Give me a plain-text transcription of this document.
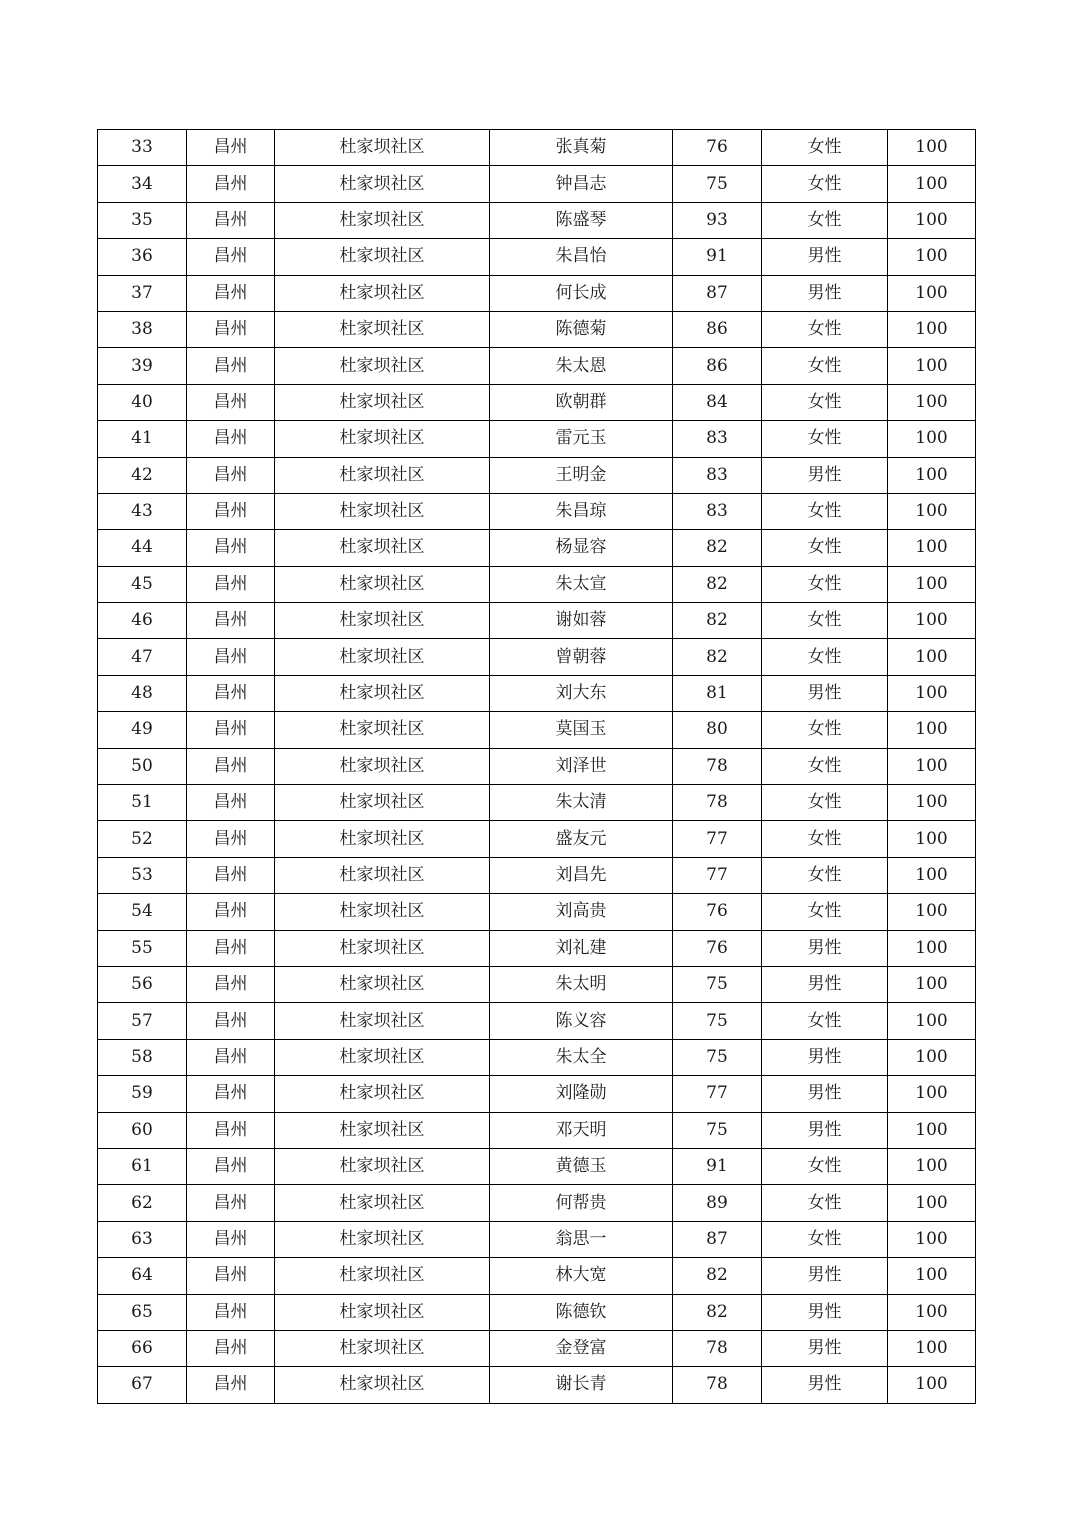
33	昌州	杜家坝社区	张真菊	76	女性	100
34	昌州	杜家坝社区	钟昌志	75	女性	100
35	昌州	杜家坝社区	陈盛琴	93	女性	100
36	昌州	杜家坝社区	朱昌怡	91	男性	100
37	昌州	杜家坝社区	何长成	87	男性	100
38	昌州	杜家坝社区	陈德菊	86	女性	100
39	昌州	杜家坝社区	朱太恩	86	女性	100
40	昌州	杜家坝社区	欧朝群	84	女性	100
41	昌州	杜家坝社区	雷元玉	83	女性	100
42	昌州	杜家坝社区	王明金	83	男性	100
43	昌州	杜家坝社区	朱昌琼	83	女性	100
44	昌州	杜家坝社区	杨显容	82	女性	100
45	昌州	杜家坝社区	朱太宣	82	女性	100
46	昌州	杜家坝社区	谢如蓉	82	女性	100
47	昌州	杜家坝社区	曾朝蓉	82	女性	100
48	昌州	杜家坝社区	刘大东	81	男性	100
49	昌州	杜家坝社区	莫国玉	80	女性	100
50	昌州	杜家坝社区	刘泽世	78	女性	100
51	昌州	杜家坝社区	朱太清	78	女性	100
52	昌州	杜家坝社区	盛友元	77	女性	100
53	昌州	杜家坝社区	刘昌先	77	女性	100
54	昌州	杜家坝社区	刘高贵	76	女性	100
55	昌州	杜家坝社区	刘礼建	76	男性	100
56	昌州	杜家坝社区	朱太明	75	男性	100
57	昌州	杜家坝社区	陈义容	75	女性	100
58	昌州	杜家坝社区	朱太全	75	男性	100
59	昌州	杜家坝社区	刘隆勋	77	男性	100
60	昌州	杜家坝社区	邓天明	75	男性	100
61	昌州	杜家坝社区	黄德玉	91	女性	100
62	昌州	杜家坝社区	何帮贵	89	女性	100
63	昌州	杜家坝社区	翁思一	87	女性	100
64	昌州	杜家坝社区	林大宽	82	男性	100
65	昌州	杜家坝社区	陈德钦	82	男性	100
66	昌州	杜家坝社区	金登富	78	男性	100
67	昌州	杜家坝社区	谢长青	78	男性	100
